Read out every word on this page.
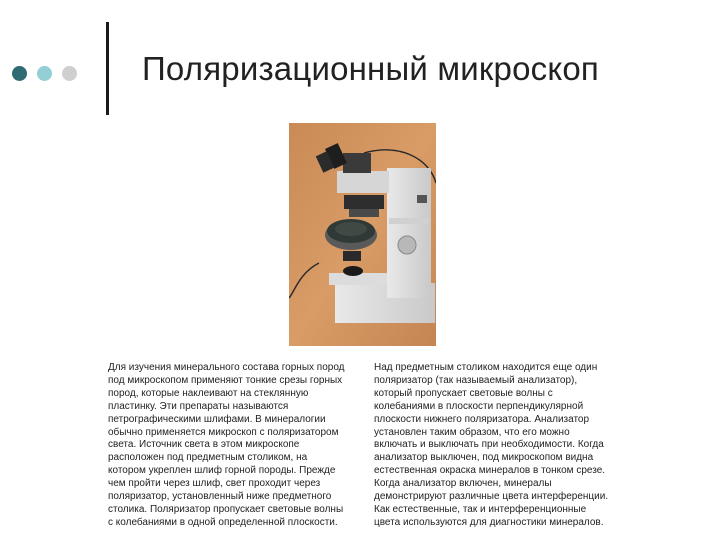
Поляризационный микроскоп
Для изучения минерального состава горных пород
под микроскопом применяют тонкие срезы горных
пород, которые наклеивают на стеклянную
пластинку. Эти препараты называются
петрографическими шлифами. В минералогии
обычно применяется микроскоп с поляризатором
света. Источник света в этом микроскопе
расположен под предметным столиком, на
котором укреплен шлиф горной породы. Прежде
чем пройти через шлиф, свет проходит через
поляризатор, установленный ниже предметного
столика. Поляризатор пропускает световые волны
с колебаниями в одной определенной плоскости.
Над предметным столиком находится еще один
поляризатор (так называемый анализатор),
который пропускает световые волны с
колебаниями в плоскости перпендикулярной
плоскости нижнего поляризатора. Анализатор
установлен таким образом, что его можно
включать и выключать при необходимости. Когда
анализатор выключен, под микроскопом видна
естественная окраска минералов в тонком срезе.
Когда анализатор включен, минералы
демонстрируют различные цвета интерференции.
Как естественные, так и интерференционные
цвета используются для диагностики минералов.
